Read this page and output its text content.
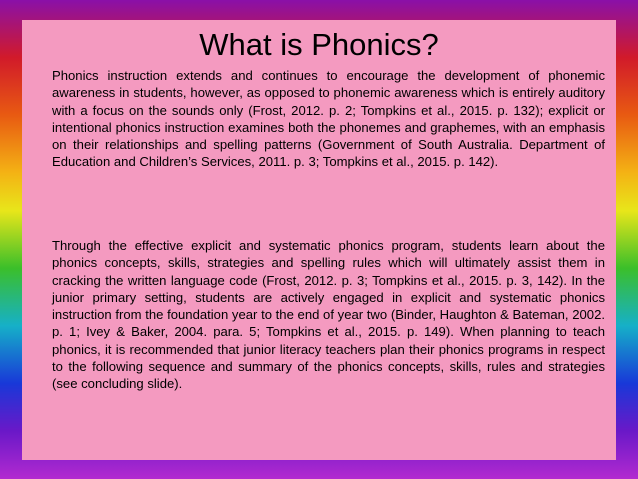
What is Phonics?

Phonics instruction extends and continues to encourage the development of phonemic awareness in students, however, as opposed to phonemic awareness which is entirely auditory with a focus on the sounds only (Frost, 2012. p. 2; Tompkins et al., 2015. p. 132); explicit or intentional phonics instruction examines both the phonemes and graphemes, with an emphasis on their relationships and spelling patterns (Government of South Australia. Department of Education and Children’s Services, 2011. p. 3; Tompkins et al., 2015. p. 142).

Through the effective explicit and systematic phonics program, students learn about the phonics concepts, skills, strategies and spelling rules which will ultimately assist them in cracking the written language code (Frost, 2012. p. 3; Tompkins et al., 2015. p. 3, 142). In the junior primary setting, students are actively engaged in explicit and systematic phonics instruction from the foundation year to the end of year two (Binder, Haughton & Bateman, 2002. p. 1; Ivey & Baker, 2004. para. 5; Tompkins et al., 2015. p. 149). When planning to teach phonics, it is recommended that junior literacy teachers plan their phonics programs in respect to the following sequence and summary of the phonics concepts, skills, rules and strategies (see concluding slide).
